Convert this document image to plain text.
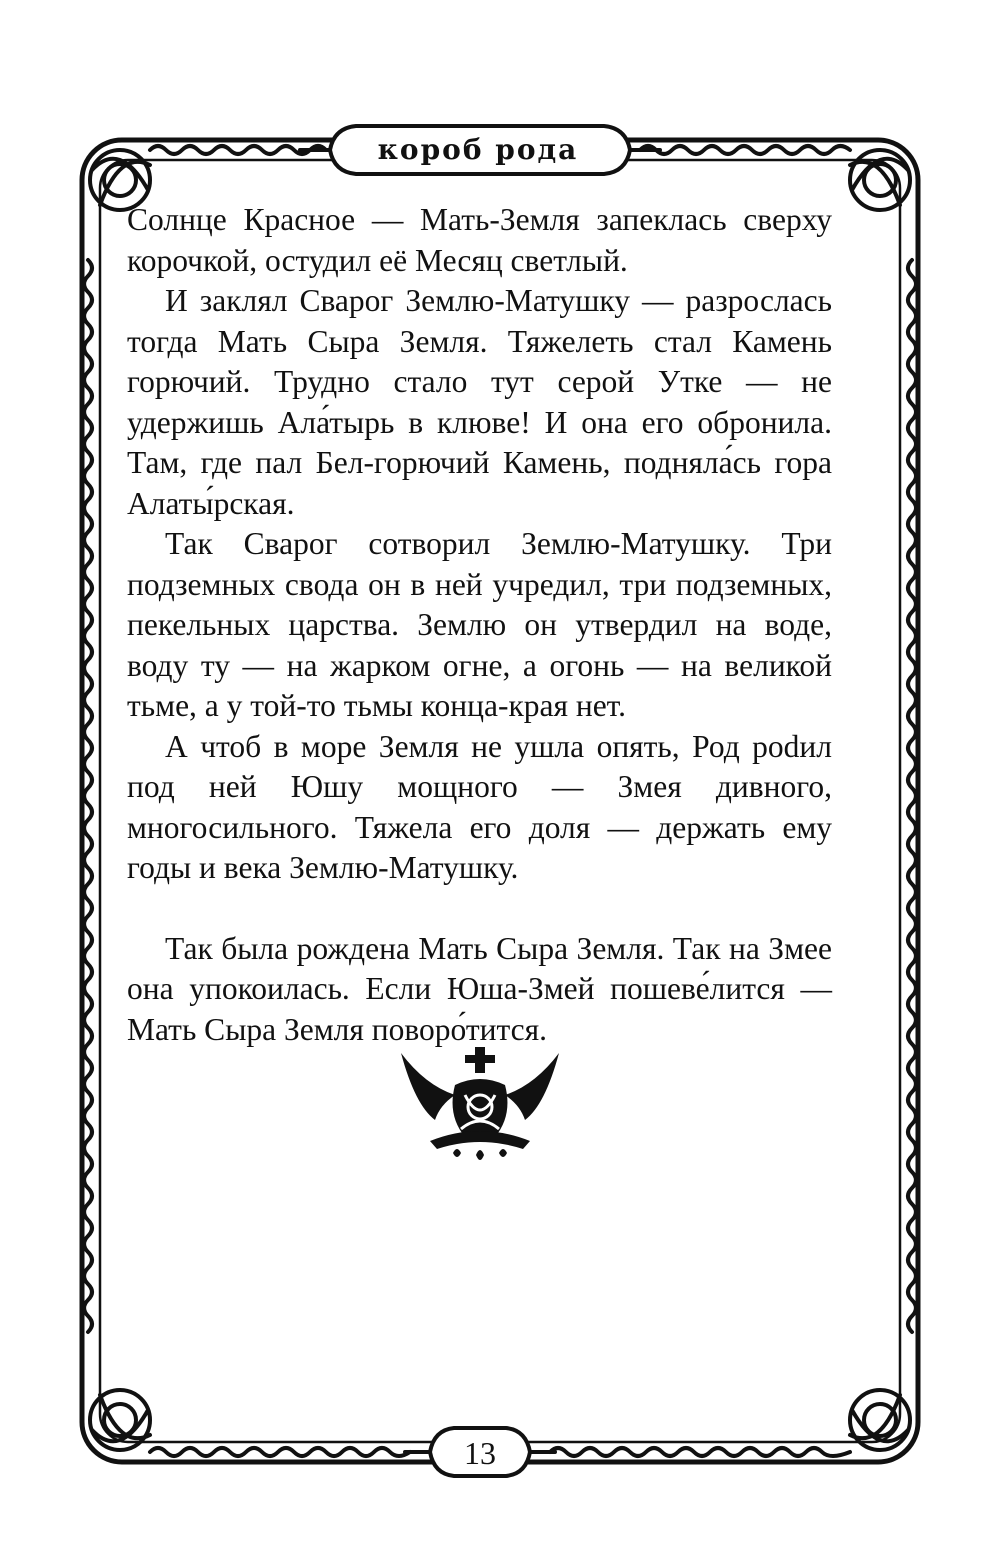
короб рода

Солнце Красное — Мать-Земля запеклась сверху корочкой, остудил её Месяц светлый.

И заклял Сварог Землю-Матушку — разрослась тогда Мать Сыра Земля. Тяжелеть стал Камень горючий. Трудно стало тут серой Утке — не удержишь Ала́тырь в клюве! И она его обронила. Там, где пал Бел-горючий Камень, подняла́сь гора Алаты́рская.

Так Сварог сотворил Землю-Матушку. Три подземных свода он в ней учредил, три подземных, пекельных царства. Землю он утвердил на воде, воду ту — на жарком огне, а огонь — на великой тьме, а у той-то тьмы конца-края нет.

А чтоб в море Земля не ушла опять, Род роdил под ней Юшу мощного — Змея дивного, многосильного. Тяжела его доля — держать ему годы и века Землю-Матушку.

Так была рождена Мать Сыра Земля. Так на Змее она упокоилась. Если Юша-Змей пошеве́лится — Мать Сыра Земля поворо́тится.

13
